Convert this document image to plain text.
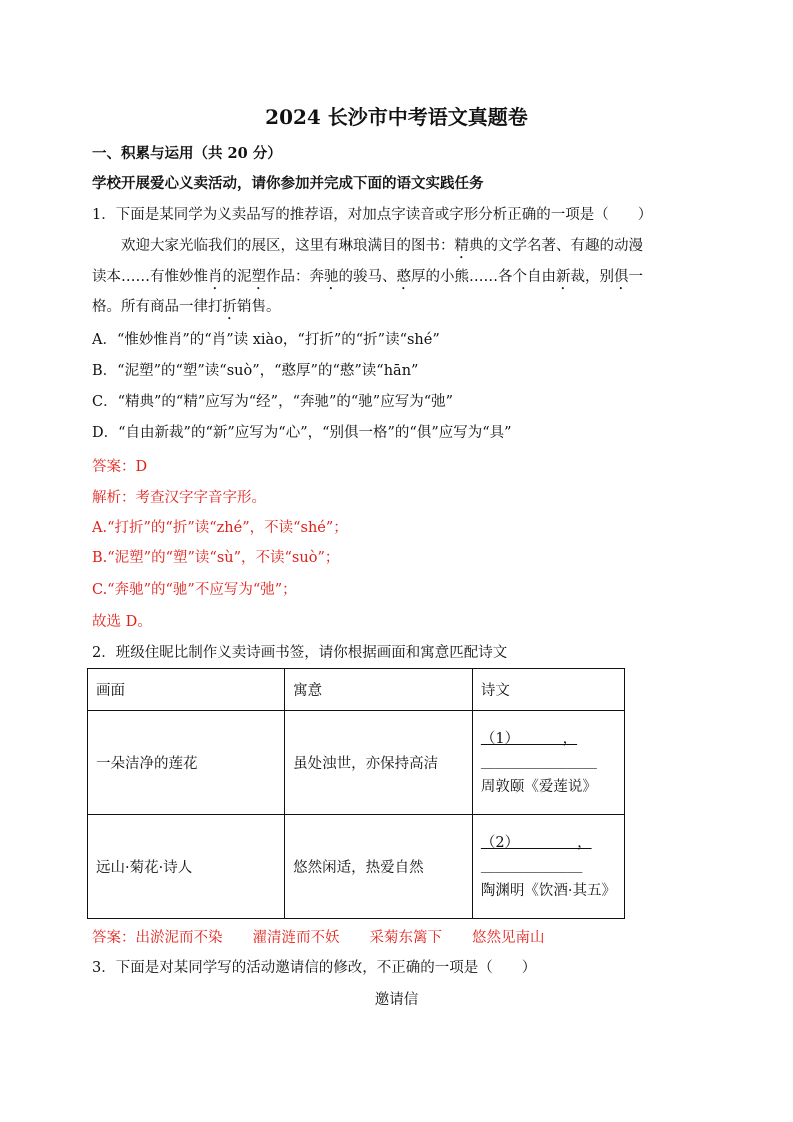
2024 长沙市中考语文真题卷
一、积累与运用（共 20 分）
学校开展爱心义卖活动，请你参加并完成下面的语文实践任务
1．下面是某同学为义卖品写的推荐语，对加点字读音或字形分析正确的一项是（　　）
欢迎大家光临我们的展区，这里有琳琅满目的图书：精典的文学名著、有趣的动漫
读本……有惟妙惟肖的泥塑作品：奔驰的骏马、憨厚的小熊……各个自由新裁，别俱一
格。所有商品一律打折销售。
A．“惟妙惟肖”的“肖”读 xiào，“打折”的“折”读“shé”
B．“泥塑”的“塑”读“suò”，“憨厚”的“憨”读“hān”
C．“精典”的“精”应写为“经”，“奔驰”的“驰”应写为“弛”
D．“自由新裁”的“新”应写为“心”，“别俱一格”的“俱”应写为“具”
答案：D
解析：考查汉字字音字形。
A.“打折”的“折”读“zhé”，不读“shé”；
B.“泥塑”的“塑”读“sù”，不读“suò”；
C.“奔驰”的“驰”不应写为“弛”；
故选 D。
2．班级住昵比制作义卖诗画书签，请你根据画面和寓意匹配诗文
画面	寓意	诗文
一朵洁净的莲花	虽处浊世，亦保持高洁	（1）＿＿＿，
＿＿＿＿＿＿＿＿
周敦颐《爱莲说》

远山·菊花·诗人	悠然闲适，热爱自然	（2）＿＿＿＿，
＿＿＿＿＿＿＿
陶渊明《饮酒·其五》
答案：出淤泥而不染 濯清涟而不妖 采菊东篱下 悠然见南山
3．下面是对某同学写的活动邀请信的修改，不正确的一项是（　　）
邀请信
